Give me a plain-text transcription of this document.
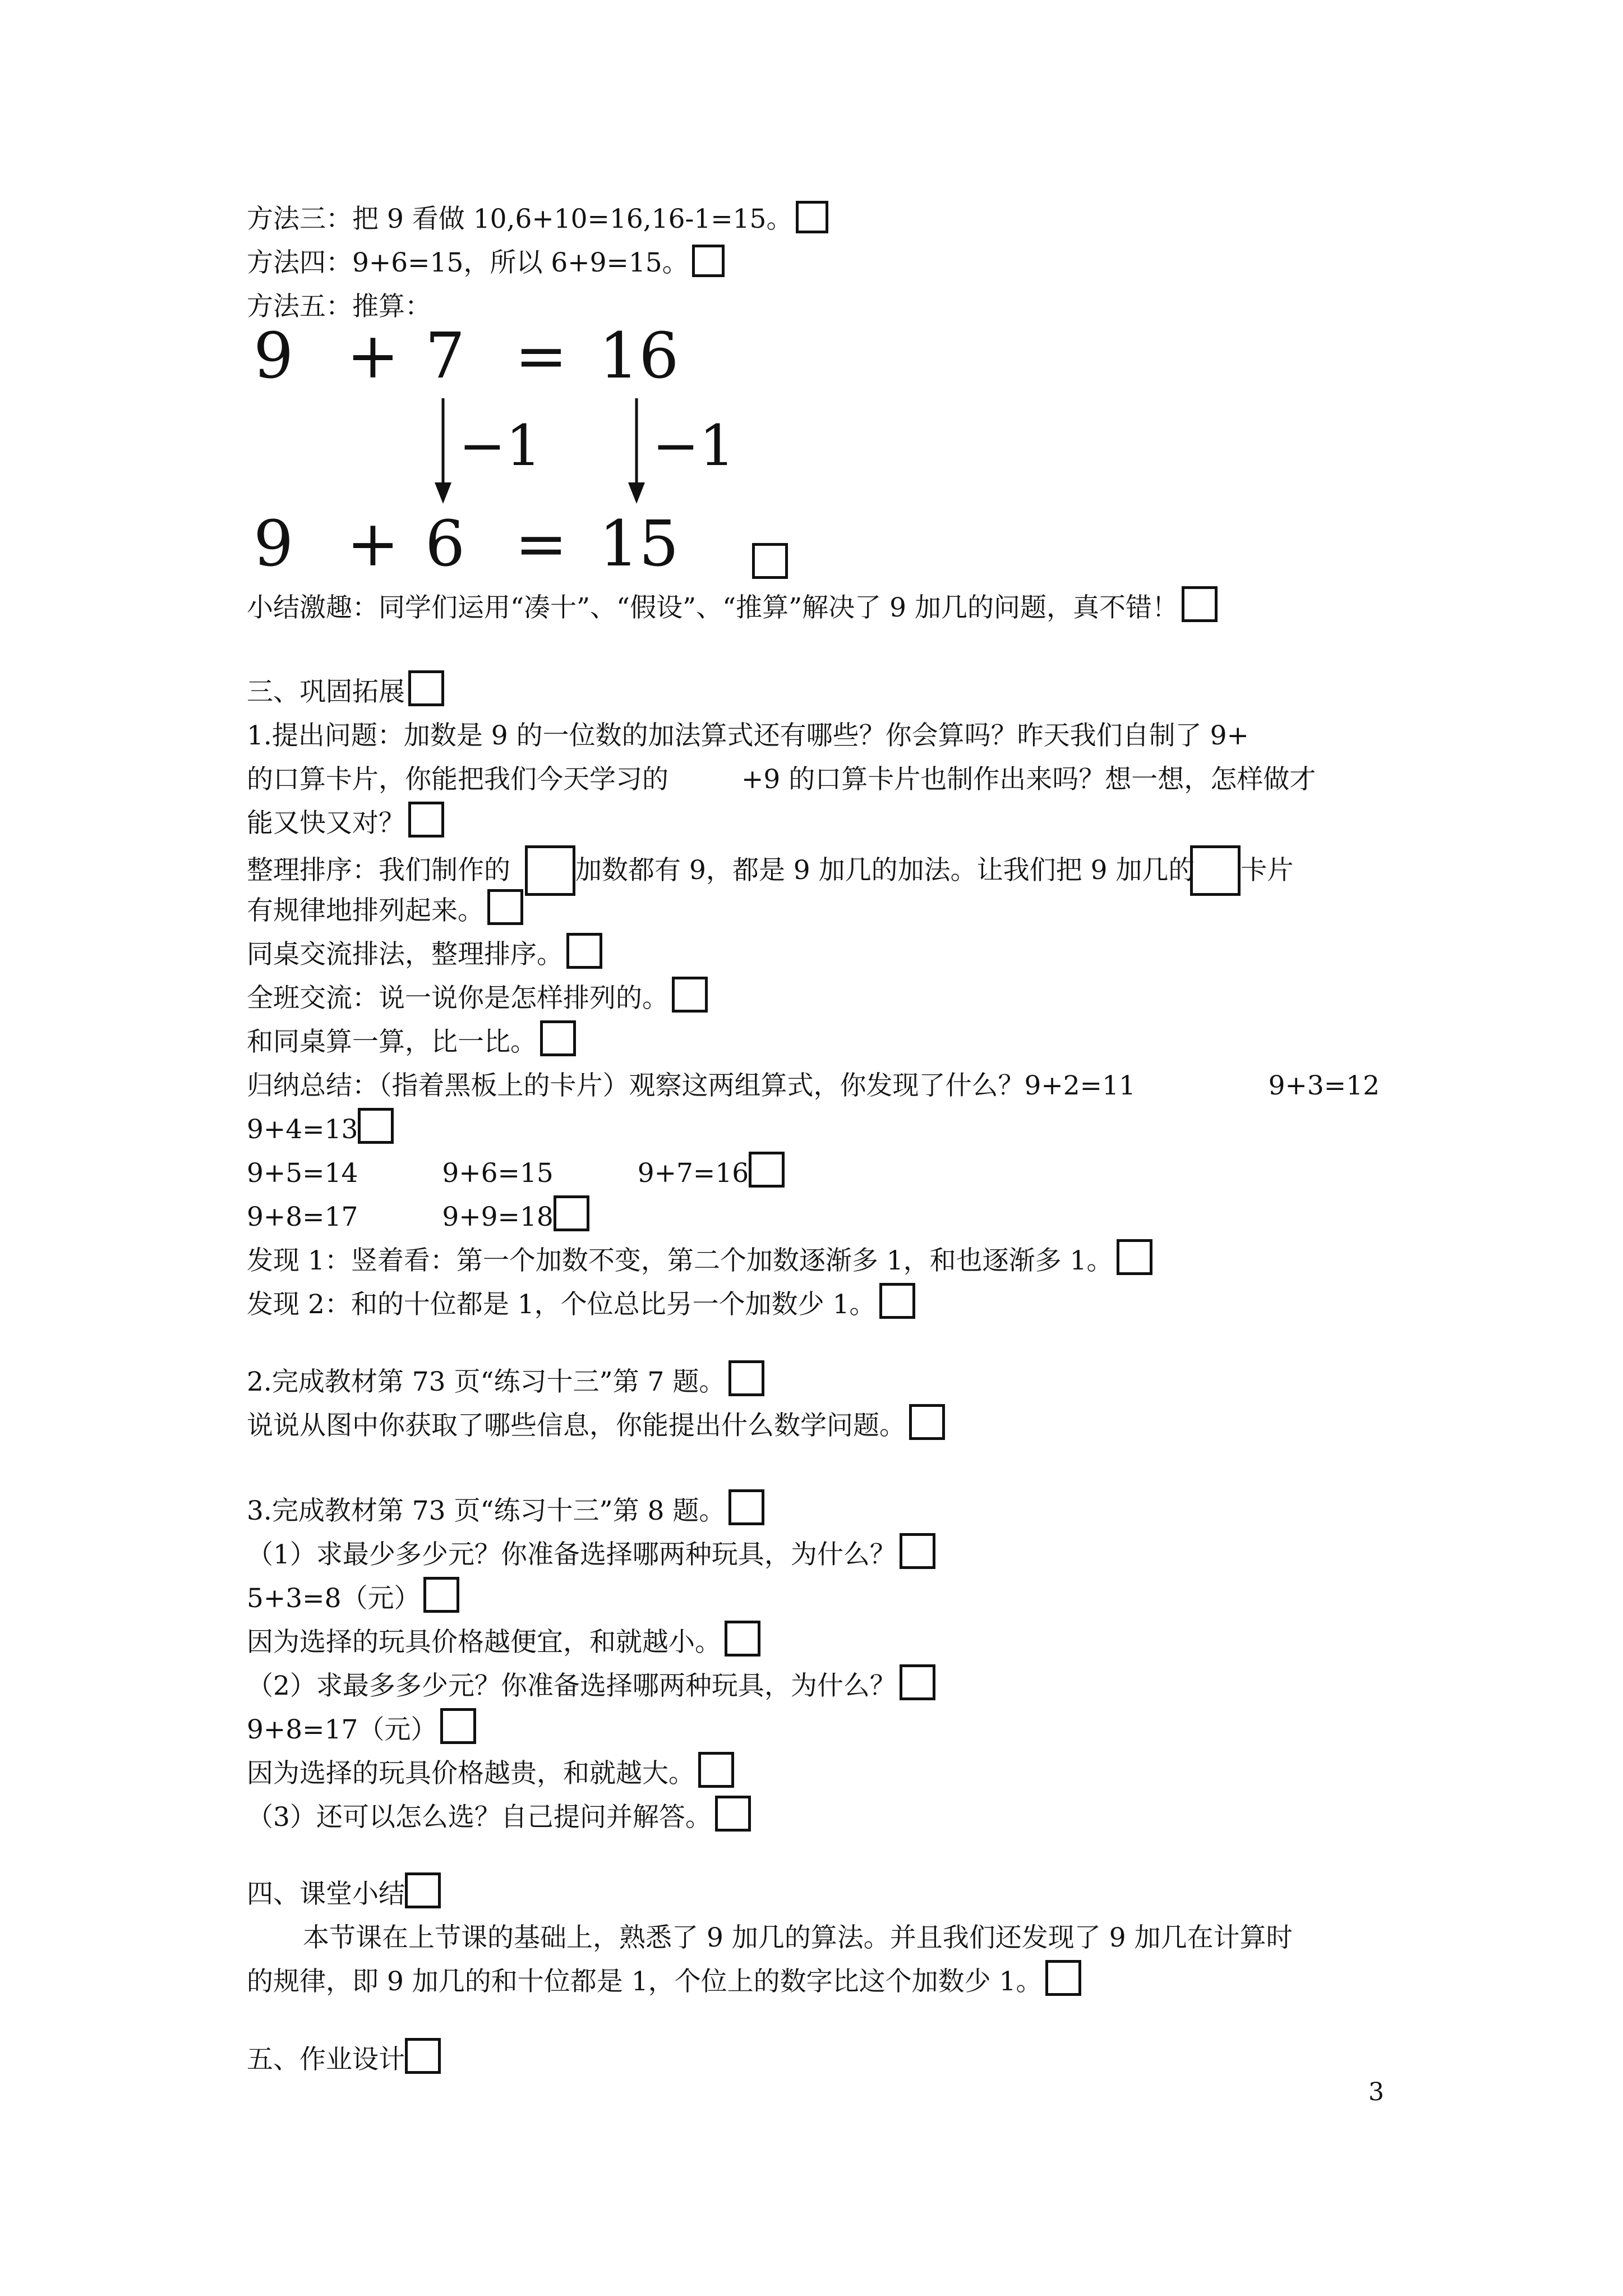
方法三：把 9 看做 10,6+10=16,16-1=15。
方法四：9+6=15，所以 6+9=15。
方法五：推算：
9 + 7 = 16
−1 −1
9 + 6 = 15
小结激趣：同学们运用“凑十”、“假设”、“推算”解决了 9 加几的问题，真不错！
三、巩固拓展
1.提出问题：加数是 9 的一位数的加法算式还有哪些？你会算吗？昨天我们自制了 9+
的口算卡片，你能把我们今天学习的	+9 的口算卡片也制作出来吗？想一想，怎样做才
能又快又对？
整理排序：我们制作的 加数都有 9，都是 9 加几的加法。让我们把 9 加几的 卡片
有规律地排列起来。
同桌交流排法，整理排序。
全班交流：说一说你是怎样排列的。
和同桌算一算，比一比。
归纳总结：（指着黑板上的卡片）观察这两组算式，你发现了什么？9+2=11	9+3=12
9+4=13
9+5=14	9+6=15	9+7=16
9+8=17	9+9=18
发现 1：竖着看：第一个加数不变，第二个加数逐渐多 1，和也逐渐多 1。
发现 2：和的十位都是 1，个位总比另一个加数少 1。
2.完成教材第 73 页“练习十三”第 7 题。
说说从图中你获取了哪些信息，你能提出什么数学问题。
3.完成教材第 73 页“练习十三”第 8 题。
（1）求最少多少元？你准备选择哪两种玩具，为什么？
5+3=8（元）
因为选择的玩具价格越便宜，和就越小。
（2）求最多多少元？你准备选择哪两种玩具，为什么？
9+8=17（元）
因为选择的玩具价格越贵，和就越大。
（3）还可以怎么选？自己提问并解答。
四、课堂小结
本节课在上节课的基础上，熟悉了 9 加几的算法。并且我们还发现了 9 加几在计算时
的规律，即 9 加几的和十位都是 1，个位上的数字比这个加数少 1。
五、作业设计
3
